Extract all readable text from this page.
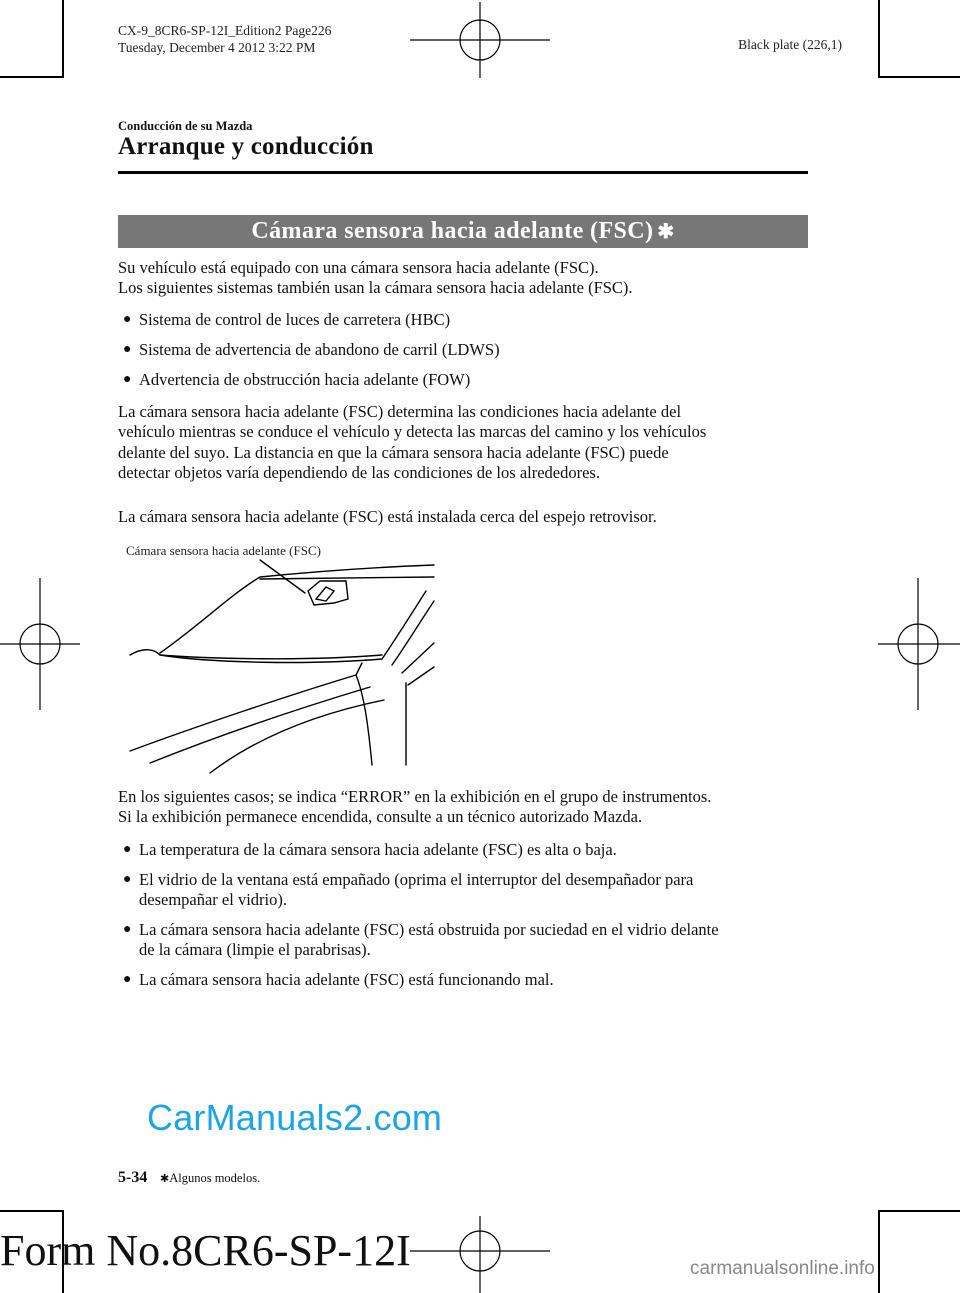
CX-9_8CR6-SP-12I_Edition2 Page226
Tuesday, December 4 2012 3:22 PM	Black plate (226,1)
Conducción de su Mazda
Arranque y conducción
Cámara sensora hacia adelante (FSC) ✱
Su vehículo está equipado con una cámara sensora hacia adelante (FSC).
Los siguientes sistemas también usan la cámara sensora hacia adelante (FSC).
● Sistema de control de luces de carretera (HBC)
● Sistema de advertencia de abandono de carril (LDWS)
● Advertencia de obstrucción hacia adelante (FOW)
La cámara sensora hacia adelante (FSC) determina las condiciones hacia adelante del
vehículo mientras se conduce el vehículo y detecta las marcas del camino y los vehículos
delante del suyo. La distancia en que la cámara sensora hacia adelante (FSC) puede
detectar objetos varía dependiendo de las condiciones de los alrededores.
La cámara sensora hacia adelante (FSC) está instalada cerca del espejo retrovisor.
Cámara sensora hacia adelante (FSC)
En los siguientes casos; se indica “ERROR” en la exhibición en el grupo de instrumentos.
Si la exhibición permanece encendida, consulte a un técnico autorizado Mazda.
● La temperatura de la cámara sensora hacia adelante (FSC) es alta o baja.
● El vidrio de la ventana está empañado (oprima el interruptor del desempañador para
desempañar el vidrio).
● La cámara sensora hacia adelante (FSC) está obstruida por suciedad en el vidrio delante
de la cámara (limpie el parabrisas).
● La cámara sensora hacia adelante (FSC) está funcionando mal.
CarManuals2.com
5-34 ✱Algunos modelos.
Form No.8CR6-SP-12I	carmanualsonline.info
